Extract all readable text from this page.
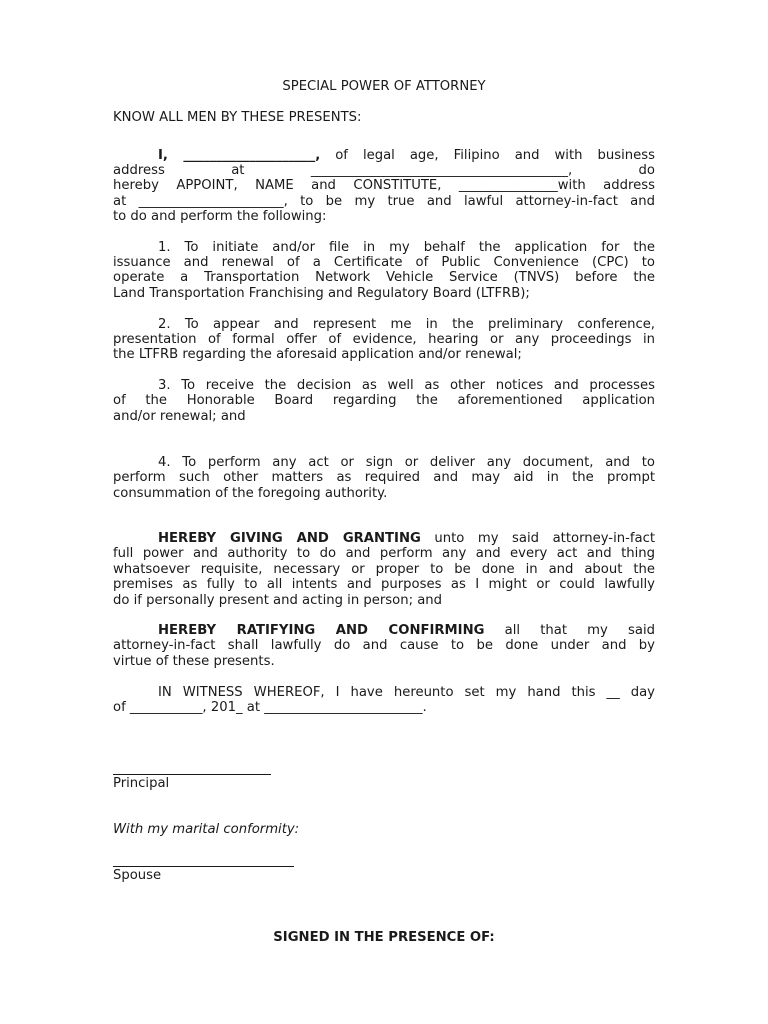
SPECIAL POWER OF ATTORNEY
KNOW ALL MEN BY THESE PRESENTS:
I, ____________________, of legal age, Filipino and with business
address at _______________________________________, do
hereby APPOINT, NAME and CONSTITUTE, _______________with address
at ______________________, to be my true and lawful attorney-in-fact and
to do and perform the following:
1. To initiate and/or file in my behalf the application for the
issuance and renewal of a Certificate of Public Convenience (CPC) to
operate a Transportation Network Vehicle Service (TNVS) before the
Land Transportation Franchising and Regulatory Board (LTFRB);
2. To appear and represent me in the preliminary conference,
presentation of formal offer of evidence, hearing or any proceedings in
the LTFRB regarding the aforesaid application and/or renewal;
3. To receive the decision as well as other notices and processes
of the Honorable Board regarding the aforementioned application
and/or renewal; and
4. To perform any act or sign or deliver any document, and to
perform such other matters as required and may aid in the prompt
consummation of the foregoing authority.
HEREBY GIVING AND GRANTING unto my said attorney-in-fact
full power and authority to do and perform any and every act and thing
whatsoever requisite, necessary or proper to be done in and about the
premises as fully to all intents and purposes as I might or could lawfully
do if personally present and acting in person; and
HEREBY RATIFYING AND CONFIRMING all that my said
attorney-in-fact shall lawfully do and cause to be done under and by
virtue of these presents.
IN WITNESS WHEREOF, I have hereunto set my hand this __ day
of ___________, 201_ at ________________________.
Principal
With my marital conformity:
Spouse
SIGNED IN THE PRESENCE OF:
